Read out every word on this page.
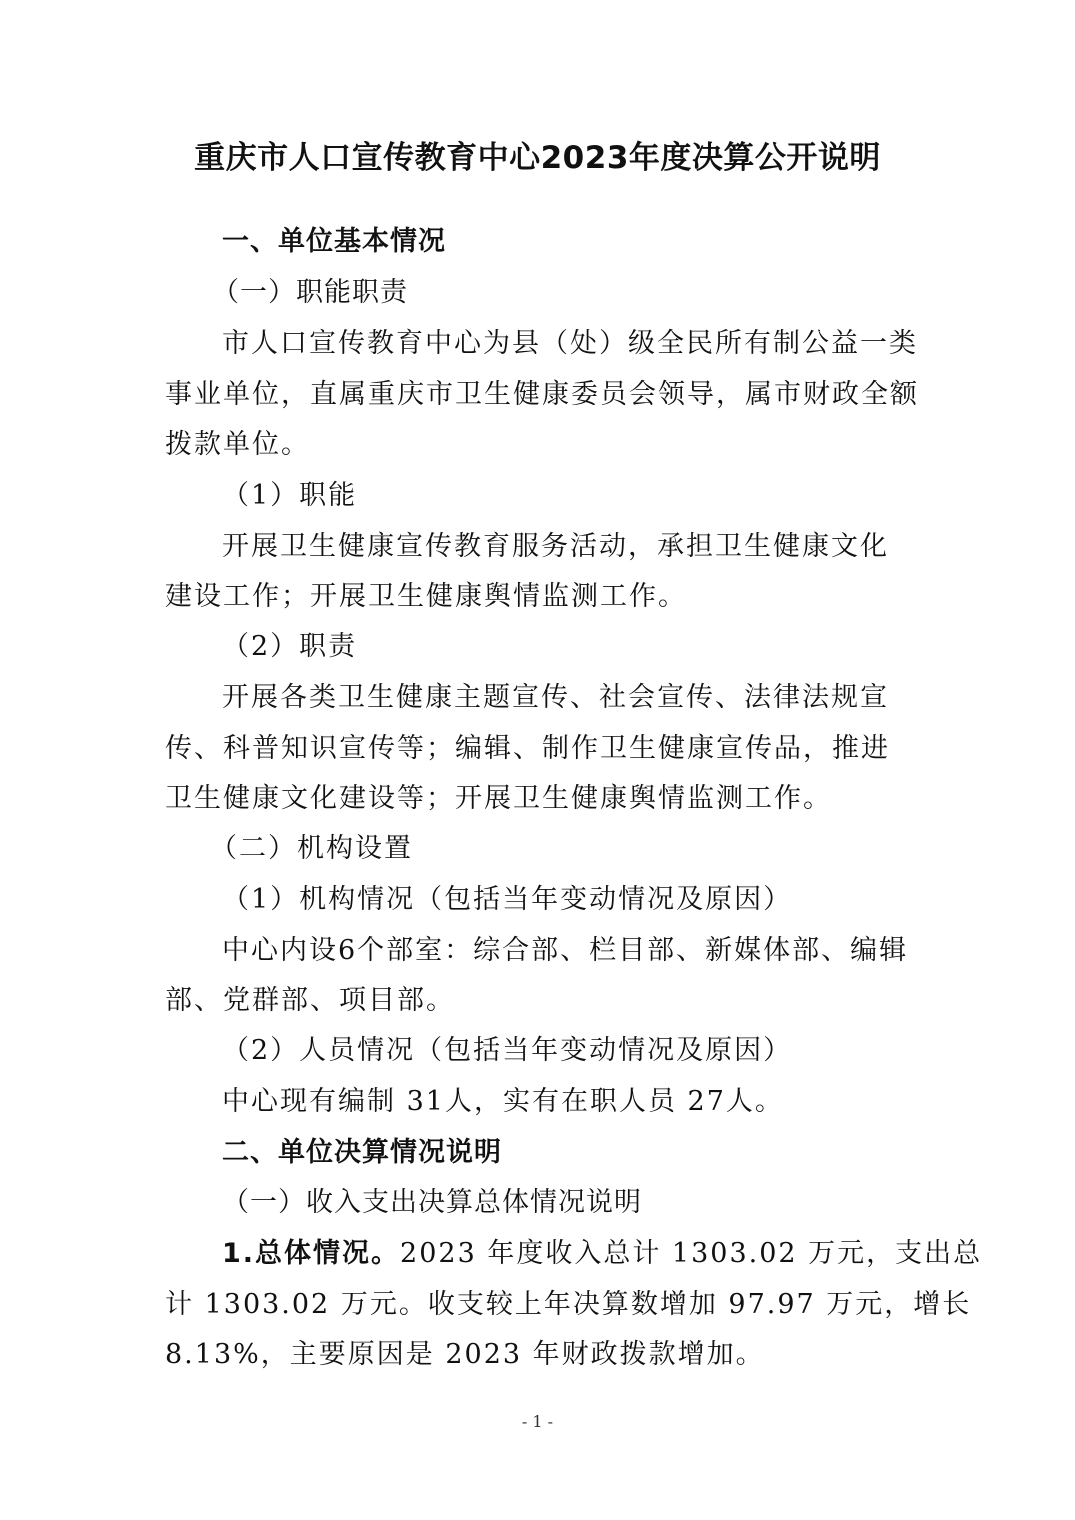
重庆市人口宣传教育中心2023年度决算公开说明
一、单位基本情况
（一）职能职责
市人口宣传教育中心为县（处）级全民所有制公益一类
事业单位，直属重庆市卫生健康委员会领导，属市财政全额
拨款单位。
（1）职能
开展卫生健康宣传教育服务活动，承担卫生健康文化
建设工作；开展卫生健康舆情监测工作。
（2）职责
开展各类卫生健康主题宣传、社会宣传、法律法规宣
传、科普知识宣传等；编辑、制作卫生健康宣传品，推进
卫生健康文化建设等；开展卫生健康舆情监测工作。
（二）机构设置
（1）机构情况（包括当年变动情况及原因）
中心内设6个部室：综合部、栏目部、新媒体部、编辑
部、党群部、项目部。
（2）人员情况（包括当年变动情况及原因）
中心现有编制 31人，实有在职人员 27人。
二、单位决算情况说明
（一）收入支出决算总体情况说明
1.总体情况。2023 年度收入总计 1303.02 万元，支出总
计 1303.02 万元。收支较上年决算数增加 97.97 万元，增长
8.13%，主要原因是 2023 年财政拨款增加。
- 1 -
